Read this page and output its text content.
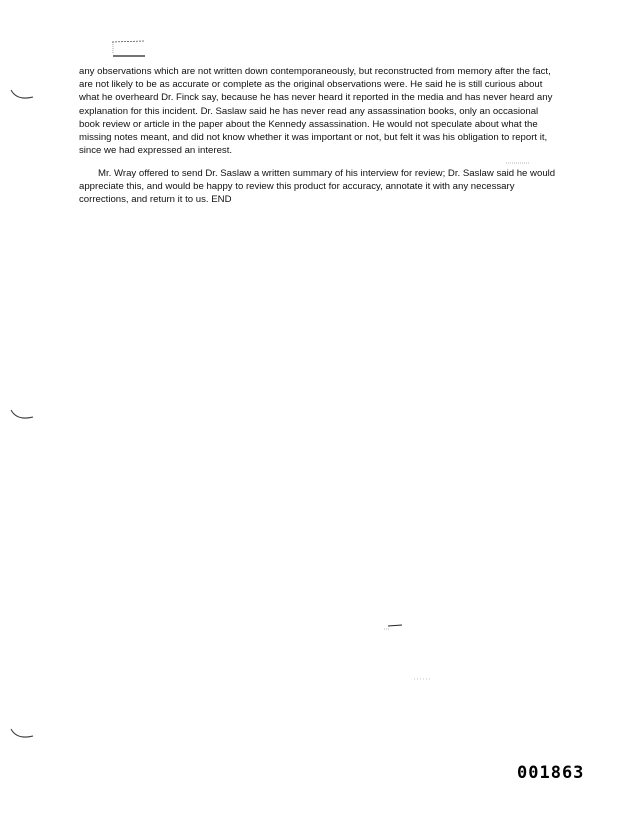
any observations which are not written down contemporaneously, but reconstructed from memory after the fact, are not likely to be as accurate or complete as the original observations were. He said he is still curious about what he overheard Dr. Finck say, because he has never heard it reported in the media and has never heard any explanation for this incident. Dr. Saslaw said he has never read any assassination books, only an occasional book review or article in the paper about the Kennedy assassination. He would not speculate about what the missing notes meant, and did not know whether it was important or not, but felt it was his obligation to report it, since we had expressed an interest.

Mr. Wray offered to send Dr. Saslaw a written summary of his interview for review; Dr. Saslaw said he would appreciate this, and would be happy to review this product for accuracy, annotate it with any necessary corrections, and return it to us. END

001863
